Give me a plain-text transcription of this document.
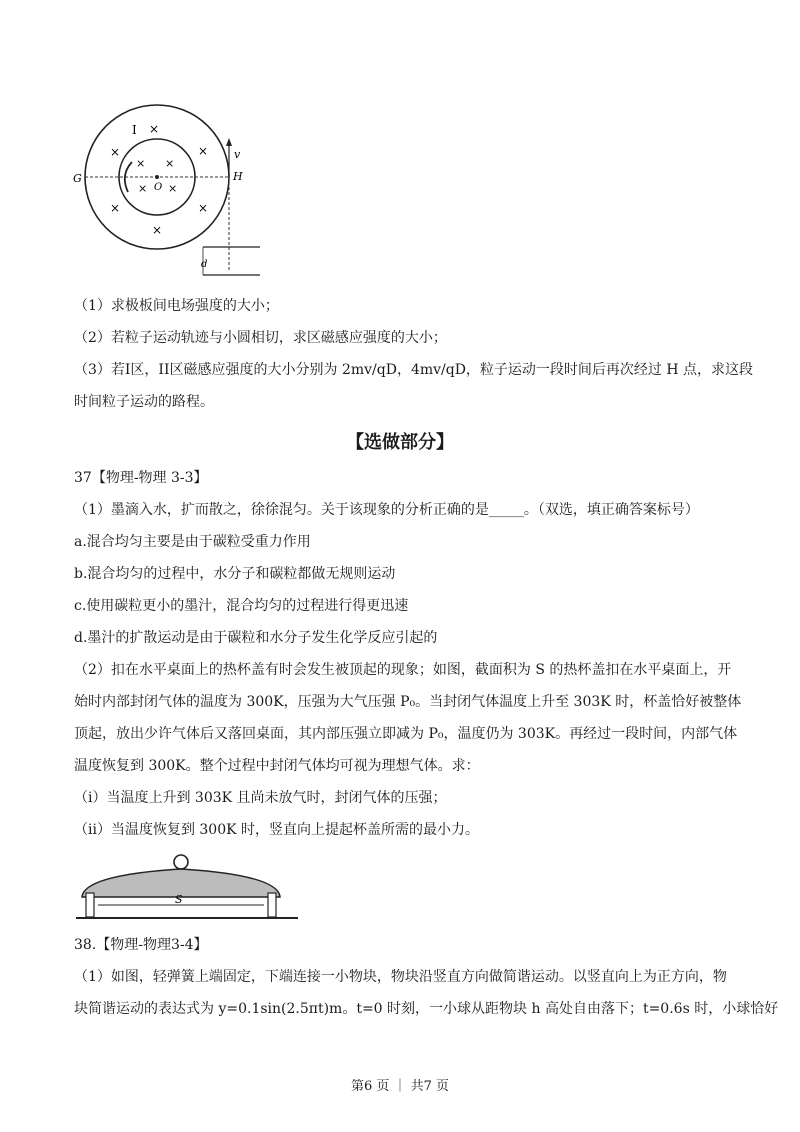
×	×
×	×
×
×
×
× ×
×
I
G	H
O
v
d
（1）求极板间电场强度的大小；
（2）若粒子运动轨迹与小圆相切，求区磁感应强度的大小；
（3）若I区，II区磁感应强度的大小分别为 2mv/qD，4mv/qD，粒子运动一段时间后再次经过 H 点，求这段
时间粒子运动的路程。
【选做部分】
37【物理-物理 3-3】
（1）墨滴入水，扩而散之，徐徐混匀。关于该现象的分析正确的是_____。（双选，填正确答案标号）
a.混合均匀主要是由于碳粒受重力作用
b.混合均匀的过程中，水分子和碳粒都做无规则运动
c.使用碳粒更小的墨汁，混合均匀的过程进行得更迅速
d.墨汁的扩散运动是由于碳粒和水分子发生化学反应引起的
（2）扣在水平桌面上的热杯盖有时会发生被顶起的现象；如图，截面积为 S 的热杯盖扣在水平桌面上，开
始时内部封闭气体的温度为 300K，压强为大气压强 P₀。当封闭气体温度上升至 303K 时，杯盖恰好被整体
顶起，放出少许气体后又落回桌面，其内部压强立即减为 P₀，温度仍为 303K。再经过一段时间，内部气体
温度恢复到 300K。整个过程中封闭气体均可视为理想气体。求：
（i）当温度上升到 303K 且尚未放气时，封闭气体的压强；
（ii）当温度恢复到 300K 时，竖直向上提起杯盖所需的最小力。
S
38.【物理-物理3-4】
（1）如图，轻弹簧上端固定，下端连接一小物块，物块沿竖直方向做简谐运动。以竖直向上为正方向，物
块简谐运动的表达式为 y=0.1sin(2.5πt)m。t=0 时刻，一小球从距物块 h 高处自由落下；t=0.6s 时，小球恰好
第6 页 ｜ 共7 页
